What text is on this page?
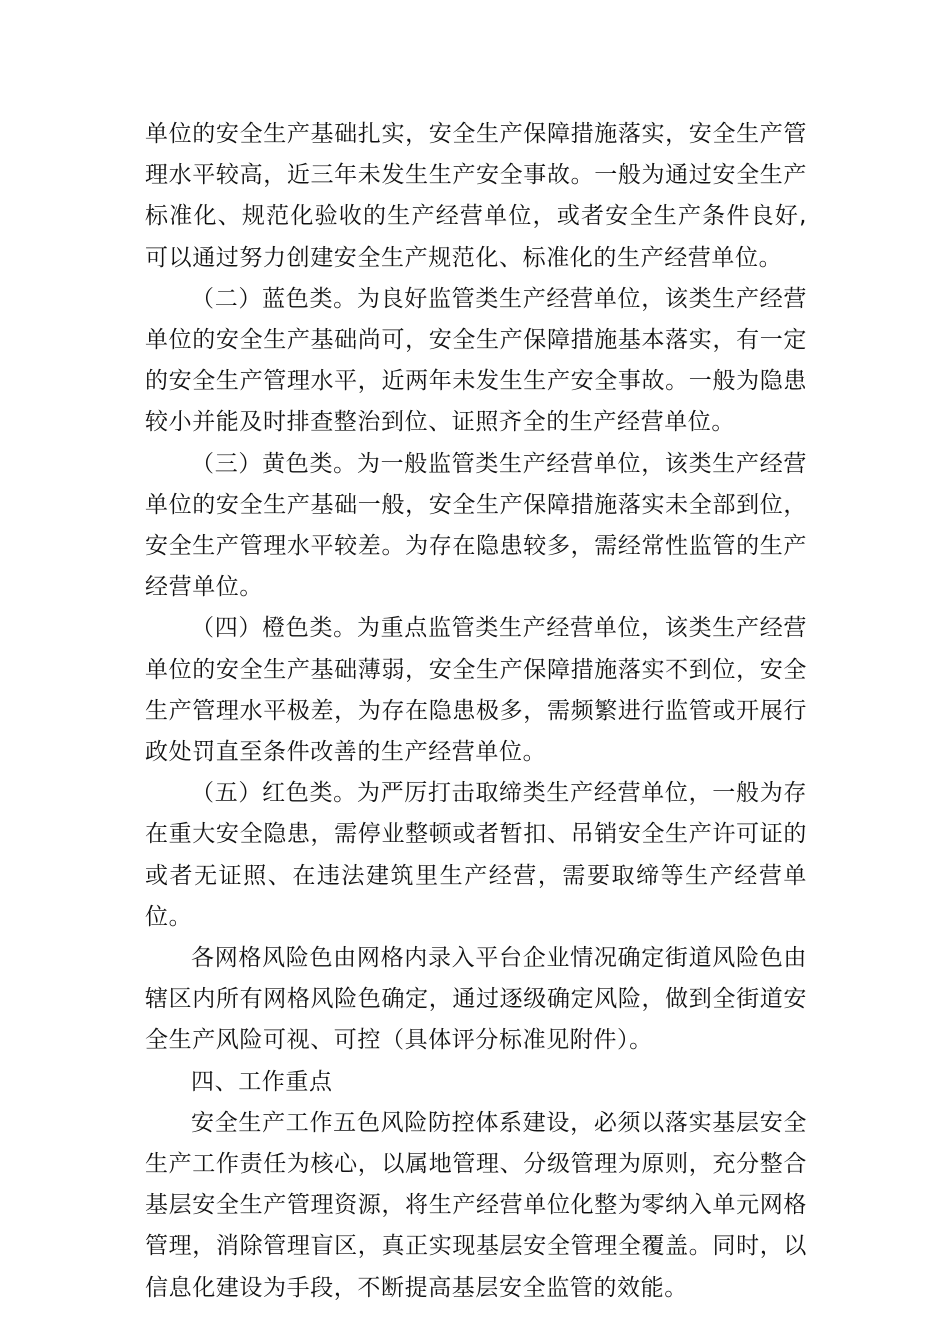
单位的安全生产基础扎实，安全生产保障措施落实，安全生产管理水平较高，近三年未发生生产安全事故。一般为通过安全生产标准化、规范化验收的生产经营单位，或者安全生产条件良好,可以通过努力创建安全生产规范化、标准化的生产经营单位。

（二）蓝色类。为良好监管类生产经营单位，该类生产经营单位的安全生产基础尚可，安全生产保障措施基本落实，有一定的安全生产管理水平，近两年未发生生产安全事故。一般为隐患较小并能及时排查整治到位、证照齐全的生产经营单位。

（三）黄色类。为一般监管类生产经营单位，该类生产经营单位的安全生产基础一般，安全生产保障措施落实未全部到位，安全生产管理水平较差。为存在隐患较多，需经常性监管的生产经营单位。

（四）橙色类。为重点监管类生产经营单位，该类生产经营单位的安全生产基础薄弱，安全生产保障措施落实不到位，安全生产管理水平极差，为存在隐患极多，需频繁进行监管或开展行政处罚直至条件改善的生产经营单位。

（五）红色类。为严厉打击取缔类生产经营单位，一般为存在重大安全隐患，需停业整顿或者暂扣、吊销安全生产许可证的或者无证照、在违法建筑里生产经营，需要取缔等生产经营单位。

各网格风险色由网格内录入平台企业情况确定街道风险色由辖区内所有网格风险色确定，通过逐级确定风险，做到全街道安全生产风险可视、可控（具体评分标准见附件）。

四、工作重点

安全生产工作五色风险防控体系建设，必须以落实基层安全生产工作责任为核心，以属地管理、分级管理为原则，充分整合基层安全生产管理资源，将生产经营单位化整为零纳入单元网格管理，消除管理盲区，真正实现基层安全管理全覆盖。同时，以信息化建设为手段，不断提高基层安全监管的效能。
